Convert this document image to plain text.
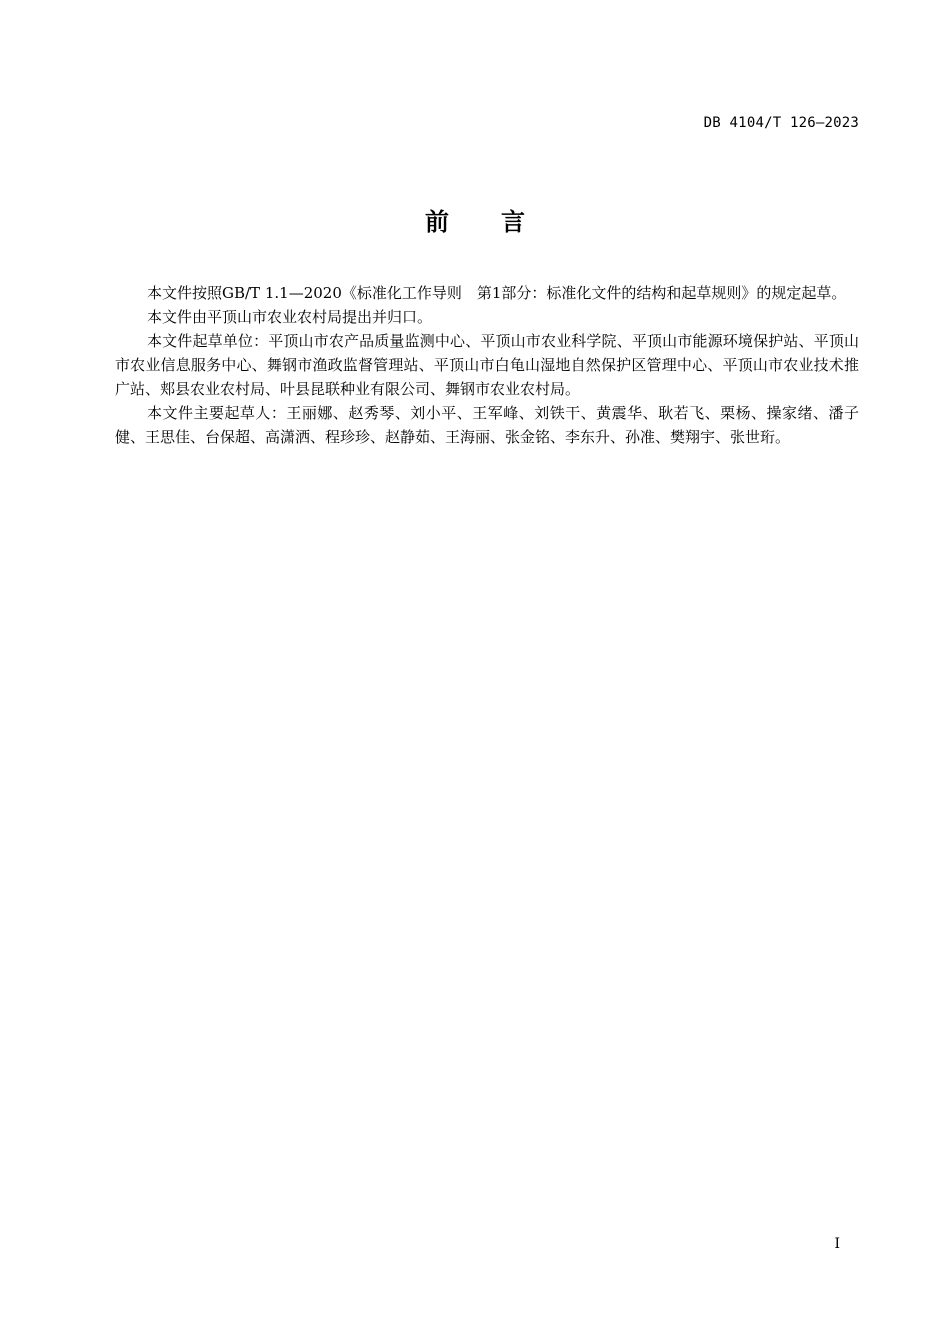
DB 4104/T 126—2023
前 言

本文件按照GB/T 1.1—2020《标准化工作导则　第1部分：标准化文件的结构和起草规则》的规定起草。

本文件由平顶山市农业农村局提出并归口。

本文件起草单位：平顶山市农产品质量监测中心、平顶山市农业科学院、平顶山市能源环境保护站、平顶山市农业信息服务中心、舞钢市渔政监督管理站、平顶山市白龟山湿地自然保护区管理中心、平顶山市农业技术推广站、郏县农业农村局、叶县昆联种业有限公司、舞钢市农业农村局。

本文件主要起草人：王丽娜、赵秀琴、刘小平、王军峰、刘铁干、黄震华、耿若飞、栗杨、操家绪、潘子健、王思佳、台保超、高潇洒、程珍珍、赵静茹、王海丽、张金铭、李东升、孙准、樊翔宇、张世珩。

I
